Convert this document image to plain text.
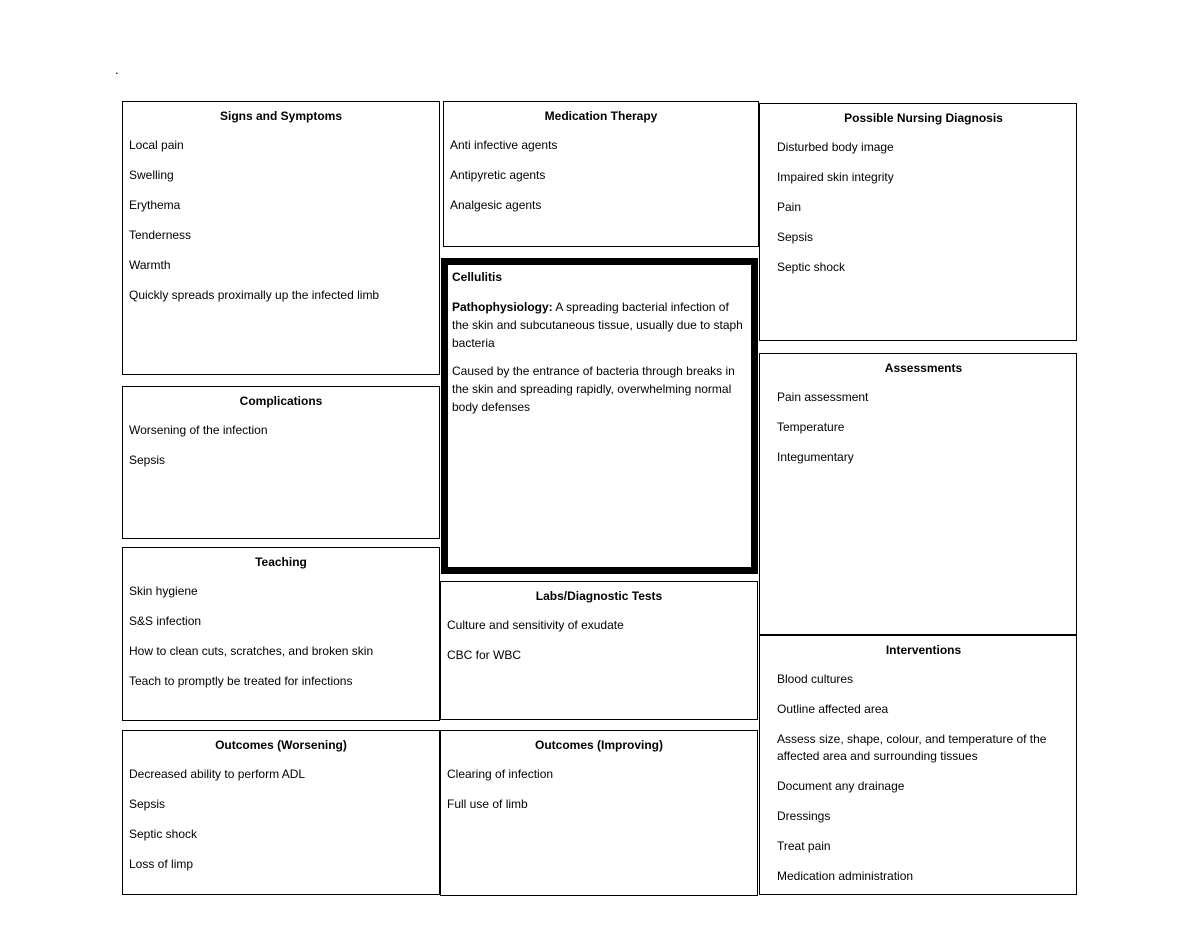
.
Signs and Symptoms
Local pain
Swelling
Erythema
Tenderness
Warmth
Quickly spreads proximally up the infected limb
Complications
Worsening of the infection
Sepsis
Teaching
Skin hygiene
S&S infection
How to clean cuts, scratches, and broken skin
Teach to promptly be treated for infections
Outcomes (Worsening)
Decreased ability to perform ADL
Sepsis
Septic shock
Loss of limp
Medication Therapy
Anti infective agents
Antipyretic agents
Analgesic agents
Cellulitis

Pathophysiology: A spreading bacterial infection of the skin and subcutaneous tissue, usually due to staph bacteria

Caused by the entrance of bacteria through breaks in the skin and spreading rapidly, overwhelming normal body defenses

Labs/Diagnostic Tests
Culture and sensitivity of exudate
CBC for WBC
Outcomes (Improving)
Clearing of infection
Full use of limb
Possible Nursing Diagnosis
Disturbed body image
Impaired skin integrity
Pain
Sepsis
Septic shock
Assessments
Pain assessment
Temperature
Integumentary
Interventions
Blood cultures
Outline affected area
Assess size, shape, colour, and temperature of the affected area and surrounding tissues
Document any drainage
Dressings
Treat pain
Medication administration
